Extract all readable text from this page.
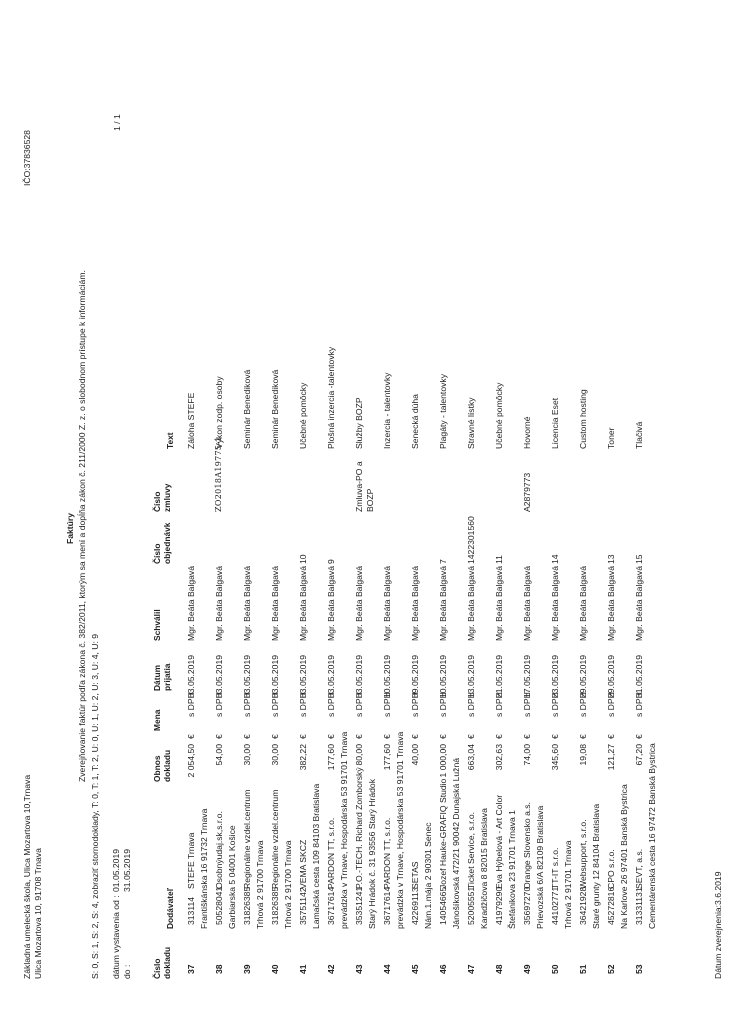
Základná umelecká škola, Ulica Mozartova 10,Trnava Ulica Mozartova 10, 91708 Trnava
IČO:37836528
1 / 1
Faktúry Zverejňovanie faktúr podľa zákona č. 382/2011, ktorým sa mení a dopĺňa zákon č. 211/2000 Z. z. o slobodnom prístupe k informáciám.
S: 0, S: 1, S: 2, S: 4, zobraziť stornodoklady, T: 0, T: 1, T: 2, U: 0, U: 1, U: 2, U: 3, U: 4, U: 9 dátum vystavenia od :
01.05.2019
do :
31.05.2019
Číslo dokladu
Dodávateľ
Obnos dokladu
Mena
Dátum prijatia
Schválil
Číslo objednávk
Číslo zmluvy
Text
37
313114
STEFE Trnava Františkánska 16 91732 Trnava
2 054,50
€
s DPH
03.05.2019
Mgr. Beáta Balgavá
Záloha STEFE
38
50528041
Osobnýudaj.sk,s.r.o. Garbiarska 5 04001 Košice
54,00
€
s DPH
03.05.2019
Mgr. Beáta Balgavá
ZO2018A19775-1
Výkon zodp. osoby
39
31826385
Regionálne vzdel.centrum Trhová 2 91700 Trnava
30,00
€
s DPH
03.05.2019
Mgr. Beáta Balgavá
Seminár Benediková
40
31826385
Regionálne vzdel.centrum Trhová 2 91700 Trnava
30,00
€
s DPH
03.05.2019
Mgr. Beáta Balgavá
Seminár Benediková
41
35751142
VEMA SKCZ Lamačská cesta 109 84103 Bratislava
382,22
€
s DPH
03.05.2019
Mgr. Beáta Balgavá
10
Učebné pomôcky
42
36717614
PARDON TT, s.r.o. prevádzka v Trnave, Hospodárska 53 91701 Trnava
177,60
€
s DPH
03.05.2019
Mgr. Beáta Balgavá
9
Plošná inzercia -talentovky
43
35351241
P.O.-TECH. Richard Zomborský Starý Hrádok č. 31 93556 Starý Hrádok
80,00
€
s DPH
03.05.2019
Mgr. Beáta Balgavá
Zmluva-PO a BOZP
Služby BOZP
44
36717614
PARDON TT, s.r.o. prevádzka v Trnave, Hospodárska 53 91701 Trnava
177,60
€
s DPH
10.05.2019
Mgr. Beáta Balgavá
Inzercia - talentovky
45
42269113
SETAS Nám.1.mája 2 90301 Senec
40,00
€
s DPH
09.05.2019
Mgr. Beáta Balgavá
Senecká dúha
46
14054665
Jozef Hauke-GRAFIQ Studio Jánošíkovská 472/21 90042 Dunajská Lužná
1 000,00
€
s DPH
10.05.2019
Mgr. Beáta Balgavá
7
Plagáty - talentovky
47
52005551
Ticket Service, s.r.o. Karadžičova 8 82015 Bratislava
663,04
€
s DPH
13.05.2019
Mgr. Beáta Balgavá
1422301560
Stravné lístky
48
41979290
Eva Hýbelová - Art Color Štefánikova 23 91701 Trnava 1
302,63
€
s DPH
21.05.2019
Mgr. Beáta Balgavá
11
Učebné pomôcky
49
35697270
Orange Slovensko a.s. Prievozská 6/A 82109 Bratislava
74,00
€
s DPH
17.05.2019
Mgr. Beáta Balgavá
A2879773
Hovorné
50
44102771
TT-IT s.r.o. Trhová 2 91701 Trnava
345,60
€
s DPH
23.05.2019
Mgr. Beáta Balgavá
14
Licencia Eset
51
36421928
Websupport, s.r.o. Staré grunty 12 84104 Bratislava
19,08
€
s DPH
29.05.2019
Mgr. Beáta Balgavá
Custom hosting
52
45272816
CPO s.r.o. Na Karlove 26 97401 Banská Bystrica
121,27
€
s DPH
29.05.2019
Mgr. Beáta Balgavá
13
Toner
53
31331131
SEVT, a.s. Cementárenská cesta 16 97472 Banská Bystrica
67,20
€
s DPH
31.05.2019
Mgr. Beáta Balgavá
15
Tlačivá
Dátum zverejnenia:3.6.2019
